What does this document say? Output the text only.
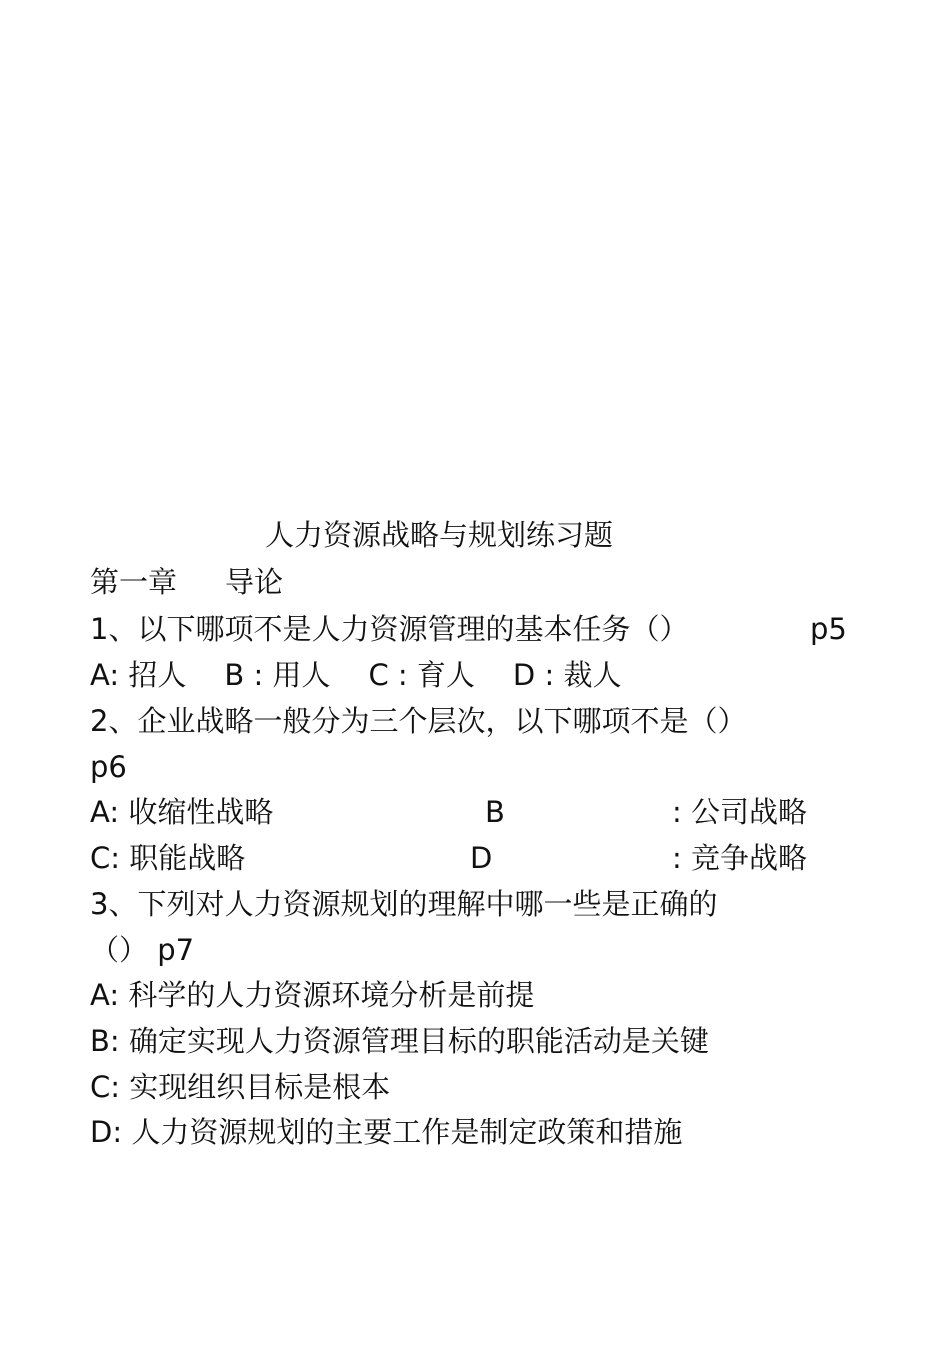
人力资源战略与规划练习题
第一章 导论
1、以下哪项不是人力资源管理的基本任务（）	p5
A: 招人 B : 用人 C : 育人 D : 裁人
2、企业战略一般分为三个层次，以下哪项不是（）
p6
A: 收缩性战略	B	: 公司战略
C: 职能战略	D	: 竞争战略
3、下列对人力资源规划的理解中哪一些是正确的
（） p7
A: 科学的人力资源环境分析是前提
B: 确定实现人力资源管理目标的职能活动是关键
C: 实现组织目标是根本
D: 人力资源规划的主要工作是制定政策和措施
